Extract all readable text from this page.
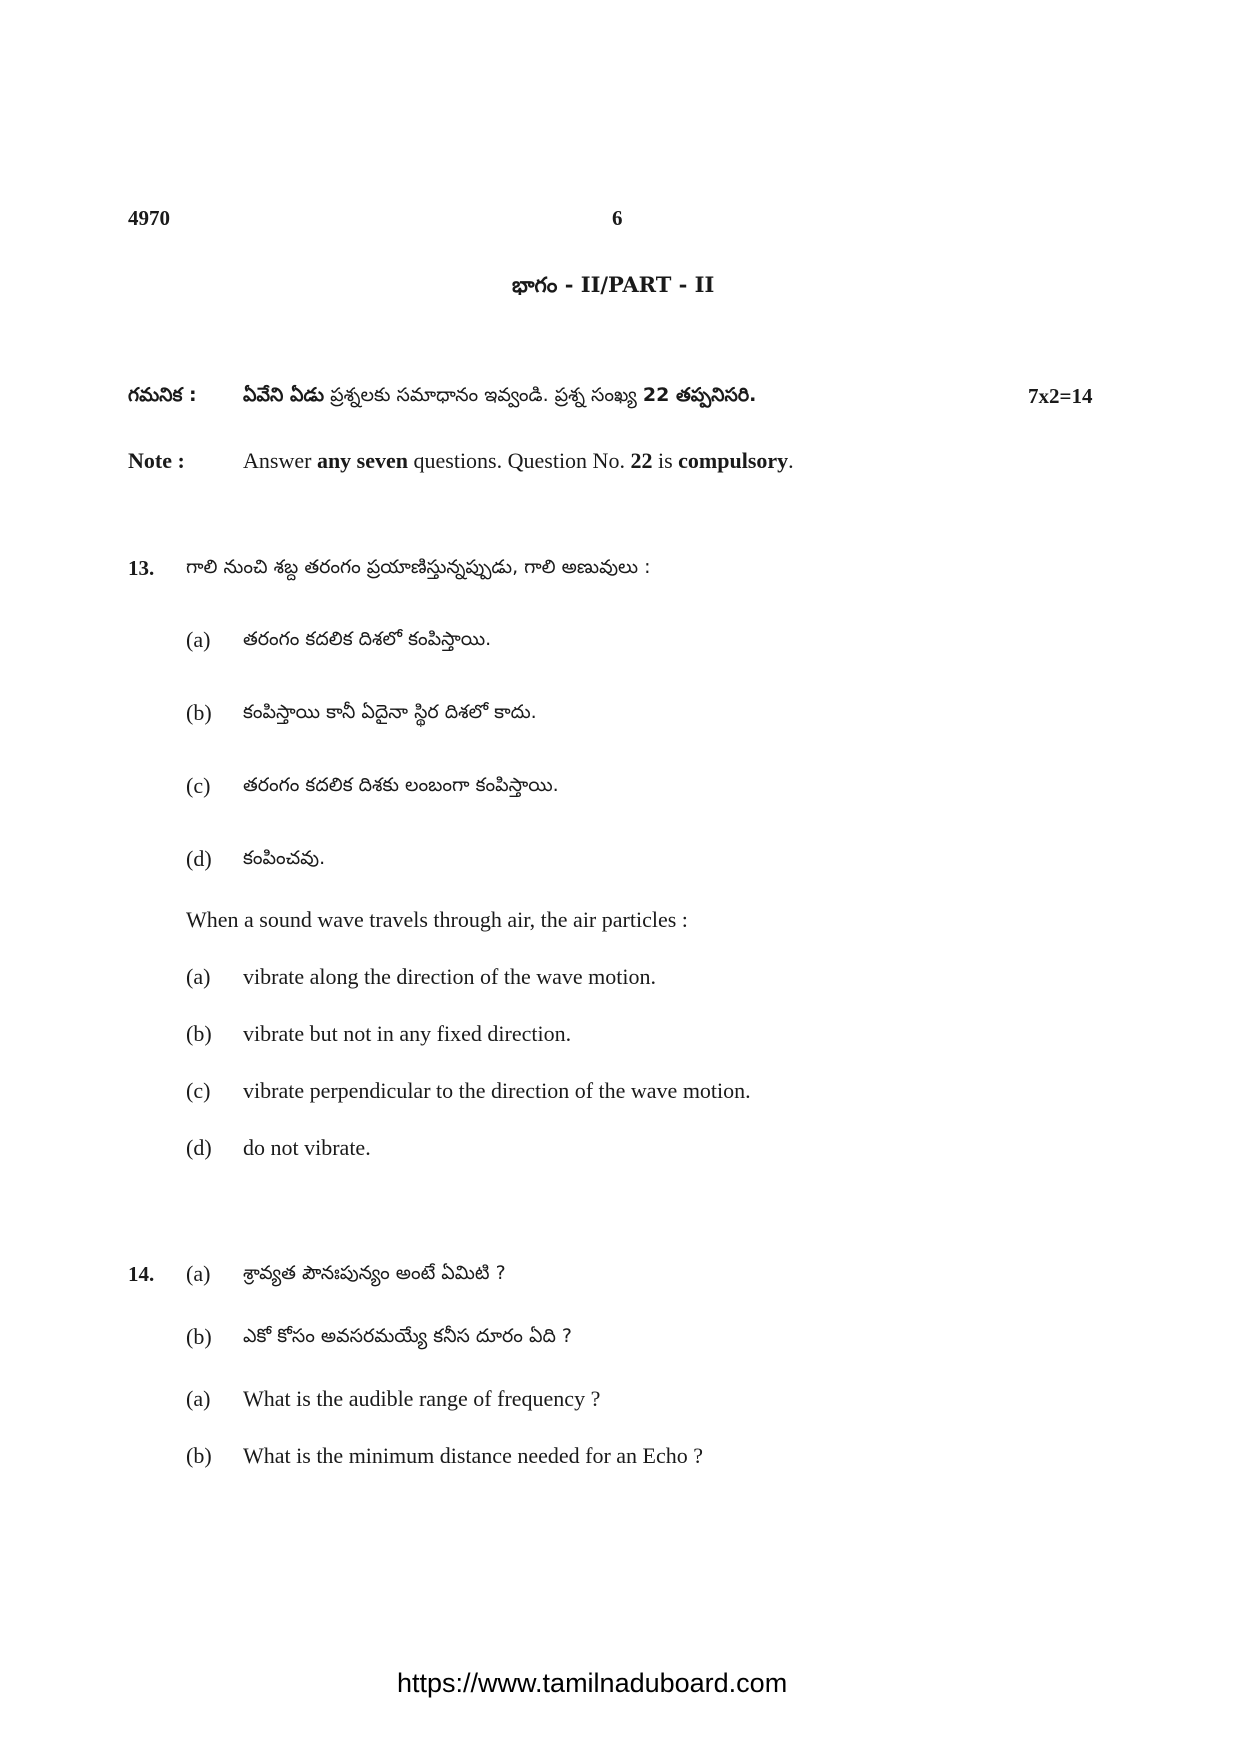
4970	6
భాగం - II/PART - II
గమనిక : ఏవేని ఏడు ప్రశ్నలకు సమాధానం ఇవ్వండి. ప్రశ్న సంఖ్య 22 తప్పనిసరి.	7x2=14
Note :	Answer any seven questions. Question No. 22 is compulsory.
13. గాలి నుంచి శబ్ద తరంగం ప్రయాణిస్తున్నప్పుడు, గాలి అణువులు :
(a) తరంగం కదలిక దిశలో కంపిస్తాయి.
(b) కంపిస్తాయి కానీ ఏదైనా స్థిర దిశలో కాదు.
(c) తరంగం కదలిక దిశకు లంబంగా కంపిస్తాయి.
(d) కంపించవు.
When a sound wave travels through air, the air particles :
(a) vibrate along the direction of the wave motion.
(b) vibrate but not in any fixed direction.
(c) vibrate perpendicular to the direction of the wave motion.
(d) do not vibrate.
14. (a) శ్రావ్యత పౌనఃపున్యం అంటే ఏమిటి ?
(b) ఎకో కోసం అవసరమయ్యే కనీస దూరం ఏది ?
(a) What is the audible range of frequency ?
(b) What is the minimum distance needed for an Echo ?
https://www.tamilnaduboard.com
